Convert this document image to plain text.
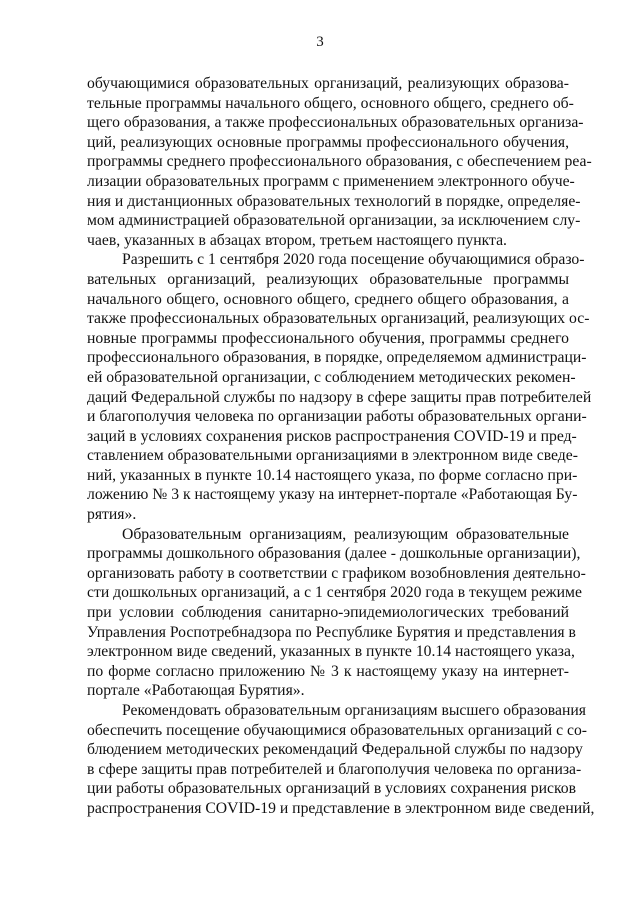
3
обучающимися образовательных организаций, реализующих образова-
тельные программы начального общего, основного общего, среднего об-
щего образования, а также профессиональных образовательных организа-
ций, реализующих основные программы профессионального обучения,
программы среднего профессионального образования, с обеспечением реа-
лизации образовательных программ с применением электронного обуче-
ния и дистанционных образовательных технологий в порядке, определяе-
мом администрацией образовательной организации, за исключением слу-
чаев, указанных в абзацах втором, третьем настоящего пункта.
Разрешить с 1 сентября 2020 года посещение обучающимися образо-
вательных организаций, реализующих образовательные программы
начального общего, основного общего, среднего общего образования, а
также профессиональных образовательных организаций, реализующих ос-
новные программы профессионального обучения, программы среднего
профессионального образования, в порядке, определяемом администраци-
ей образовательной организации, с соблюдением методических рекомен-
даций Федеральной службы по надзору в сфере защиты прав потребителей
и благополучия человека по организации работы образовательных органи-
заций в условиях сохранения рисков распространения COVID-19 и пред-
ставлением образовательными организациями в электронном виде сведе-
ний, указанных в пункте 10.14 настоящего указа, по форме согласно при-
ложению № 3 к настоящему указу на интернет-портале «Работающая Бу-
рятия».
Образовательным организациям, реализующим образовательные
программы дошкольного образования (далее - дошкольные организации),
организовать работу в соответствии с графиком возобновления деятельно-
сти дошкольных организаций, а с 1 сентября 2020 года в текущем режиме
при условии соблюдения санитарно-эпидемиологических требований
Управления Роспотребнадзора по Республике Бурятия и представления в
электронном виде сведений, указанных в пункте 10.14 настоящего указа,
по форме согласно приложению № 3 к настоящему указу на интернет-
портале «Работающая Бурятия».
Рекомендовать образовательным организациям высшего образования
обеспечить посещение обучающимися образовательных организаций с со-
блюдением методических рекомендаций Федеральной службы по надзору
в сфере защиты прав потребителей и благополучия человека по организа-
ции работы образовательных организаций в условиях сохранения рисков
распространения COVID-19 и представление в электронном виде сведений,
